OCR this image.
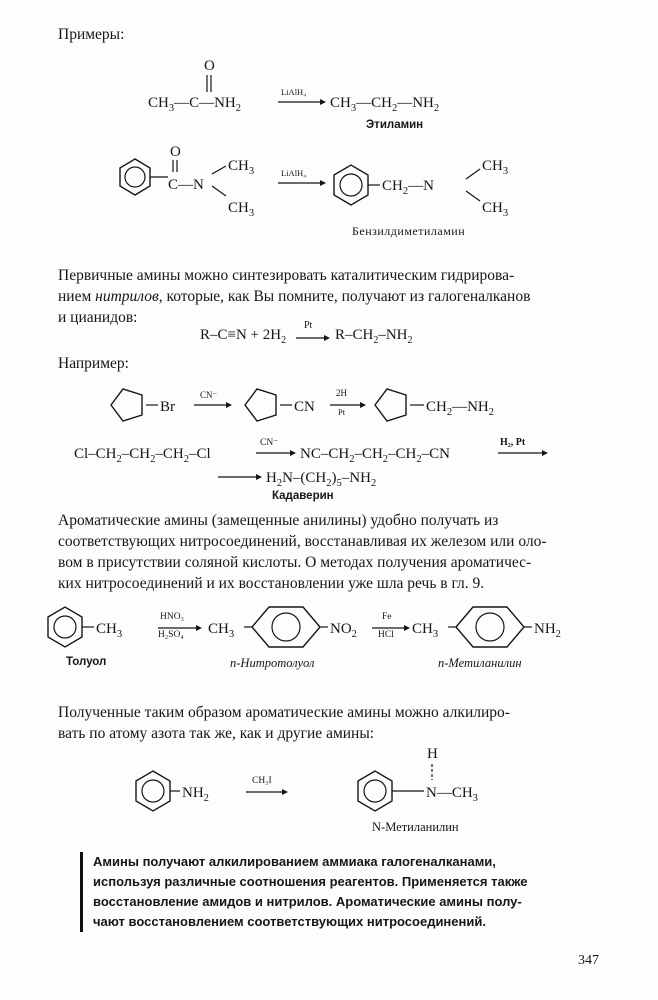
Примеры:
O
$CH_3—C—NH_2$	$CH_3—CH_2—NH_2$
LiAlH₄
Этиламин
O
C—N
$CH_3$
$CH_3$
$CH_2—N$
$CH_3$
$CH_3$
LiAlH₄
Бензилдиметиламин
Первичные амины можно синтезировать каталитическим гидрирова-
нием нитрилов, которые, как Вы помните, получают из галогеналканов
и цианидов:
$R-C\equiv N + 2H_2$
Pt
$R-CH_2-NH_2$
Например:
Br	CN	$CH_2—NH_2$
CN⁻	2H
Pt
$Cl-CH_2-CH_2-CH_2-Cl$	$NC-CH_2-CH_2-CH_2-CN$
$H_2N-(CH_2)_5-NH_2$
CN⁻	H₂, Pt
Кадаверин
Ароматические амины (замещенные анилины) удобно получать из
соответствующих нитросоединений, восстанавливая их железом или оло-
вом в присутствии соляной кислоты. О методах получения ароматичес-
ких нитросоединений и их восстановлении уже шла речь в гл. 9.
$CH_3$	$CH_3$	$NO_2$	$CH_3$	$NH_2$
HNO₃
H₂SO₄
Fe
HCl
Толуол	п-Нитротолуол	п-Метиланилин
Полученные таким образом ароматические амины можно алкилиро-
вать по атому азота так же, как и другие амины:
$NH_2$
H
$N—CH_3$
CH₃I
N-Метиланилин
Амины получают алкилированием аммиака галогеналканами,
используя различные соотношения реагентов. Применяется также
восстановление амидов и нитрилов. Ароматические амины полу-
чают восстановлением соответствующих нитросоединений.
347
